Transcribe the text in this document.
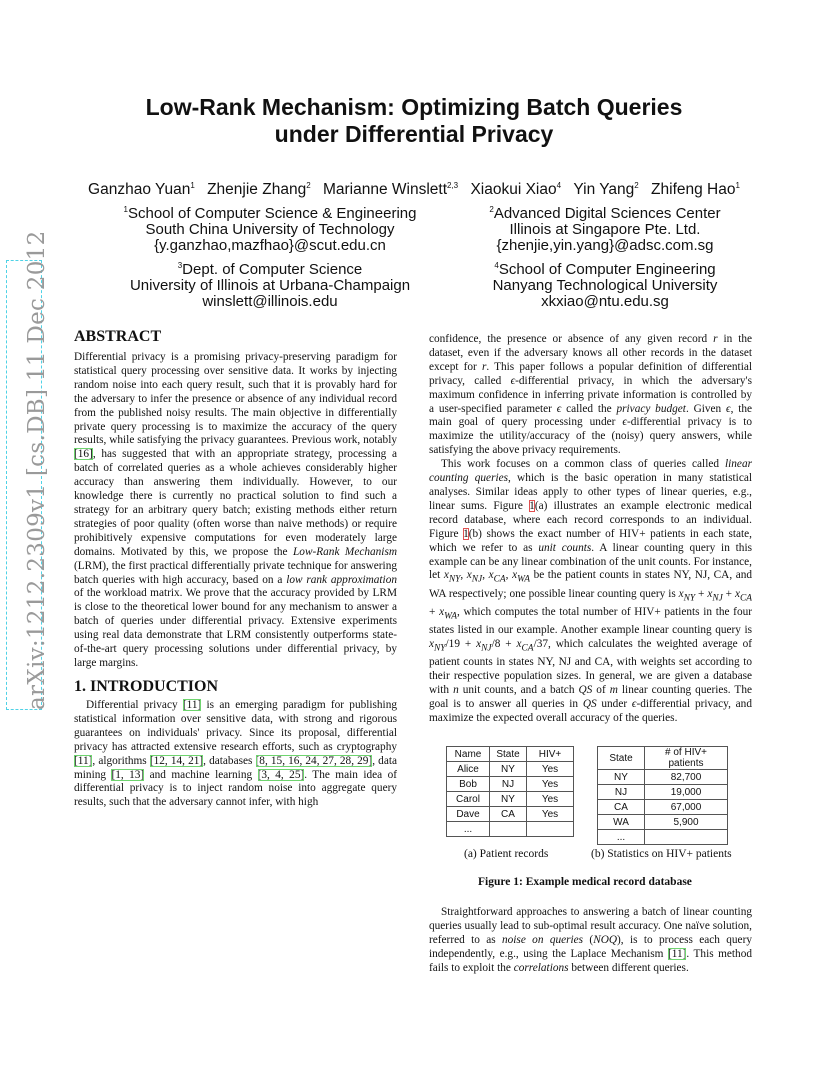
arXiv:1212.2309v1 [cs.DB] 11 Dec 2012
Low-Rank Mechanism: Optimizing Batch Queries
under Differential Privacy
Ganzhao Yuan$^1$ Zhenjie Zhang$^2$ Marianne Winslett$^{2,3}$ Xiaokui Xiao$^4$ Yin Yang$^2$ Zhifeng Hao$^1$
$^1$School of Computer Science & Engineering
South China University of Technology
{y.ganzhao,mazfhao}@scut.edu.cn
$^2$Advanced Digital Sciences Center
Illinois at Singapore Pte. Ltd.
{zhenjie,yin.yang}@adsc.com.sg
$^3$Dept. of Computer Science
University of Illinois at Urbana-Champaign
winslett@illinois.edu
$^4$School of Computer Engineering
Nanyang Technological University
xkxiao@ntu.edu.sg
ABSTRACT

Differential privacy is a promising privacy-preserving paradigm for statistical query processing over sensitive data. It works by injecting random noise into each query result, such that it is provably hard for the adversary to infer the presence or absence of any individual record from the published noisy results. The main objective in differentially private query processing is to maximize the accuracy of the query results, while satisfying the privacy guarantees. Previous work, notably [16], has suggested that with an appropriate strategy, processing a batch of correlated queries as a whole achieves considerably higher accuracy than answering them individually. However, to our knowledge there is currently no practical solution to find such a strategy for an arbitrary query batch; existing methods either return strategies of poor quality (often worse than naive methods) or require prohibitively expensive computations for even moderately large domains. Motivated by this, we propose the Low-Rank Mechanism (LRM), the first practical differentially private technique for answering batch queries with high accuracy, based on a low rank approximation of the workload matrix. We prove that the accuracy provided by LRM is close to the theoretical lower bound for any mechanism to answer a batch of queries under differential privacy. Extensive experiments using real data demonstrate that LRM consistently outperforms state-of-the-art query processing solutions under differential privacy, by large margins.

1. INTRODUCTION

Differential privacy [11] is an emerging paradigm for publishing statistical information over sensitive data, with strong and rigorous guarantees on individuals' privacy. Since its proposal, differential privacy has attracted extensive research efforts, such as cryptography [11], algorithms [12, 14, 21], databases [8, 15, 16, 24, 27, 28, 29], data mining [1, 13] and machine learning [3, 4, 25]. The main idea of differential privacy is to inject random noise into aggregate query results, such that the adversary cannot infer, with high

confidence, the presence or absence of any given record r in the dataset, even if the adversary knows all other records in the dataset except for r. This paper follows a popular definition of differential privacy, called ϵ-differential privacy, in which the adversary's maximum confidence in inferring private information is controlled by a user-specified parameter ϵ called the privacy budget. Given ϵ, the main goal of query processing under ϵ-differential privacy is to maximize the utility/accuracy of the (noisy) query answers, while satisfying the above privacy requirements.

This work focuses on a common class of queries called linear counting queries, which is the basic operation in many statistical analyses. Similar ideas apply to other types of linear queries, e.g., linear sums. Figure 1(a) illustrates an example electronic medical record database, where each record corresponds to an individual. Figure 1(b) shows the exact number of HIV+ patients in each state, which we refer to as unit counts. A linear counting query in this example can be any linear combination of the unit counts. For instance, let $x_{NY}$, $x_{NJ}$, $x_{CA}$, $x_{WA}$ be the patient counts in states NY, NJ, CA, and WA respectively; one possible linear counting query is $x_{NY} + x_{NJ} + x_{CA} + x_{WA}$, which computes the total number of HIV+ patients in the four states listed in our example. Another example linear counting query is $x_{NY}/19 + x_{NJ}/8 + x_{CA}/37$, which calculates the weighted average of patient counts in states NY, NJ and CA, with weights set according to their respective population sizes. In general, we are given a database with n unit counts, and a batch QS of m linear counting queries. The goal is to answer all queries in QS under ϵ-differential privacy, and maximize the expected overall accuracy of the queries.

Name	State	HIV+
Alice	NY	Yes
Bob	NJ	Yes
Carol	NY	Yes
Dave	CA	Yes
...		
State	# of HIV+ patients
NY	82,700
NJ	19,000
CA	67,000
WA	5,900
...	
(a) Patient records	(b) Statistics on HIV+ patients
Figure 1: Example medical record database

Straightforward approaches to answering a batch of linear counting queries usually lead to sub-optimal result accuracy. One naïve solution, referred to as noise on queries (NOQ), is to process each query independently, e.g., using the Laplace Mechanism [11]. This method fails to exploit the correlations between different queries.
